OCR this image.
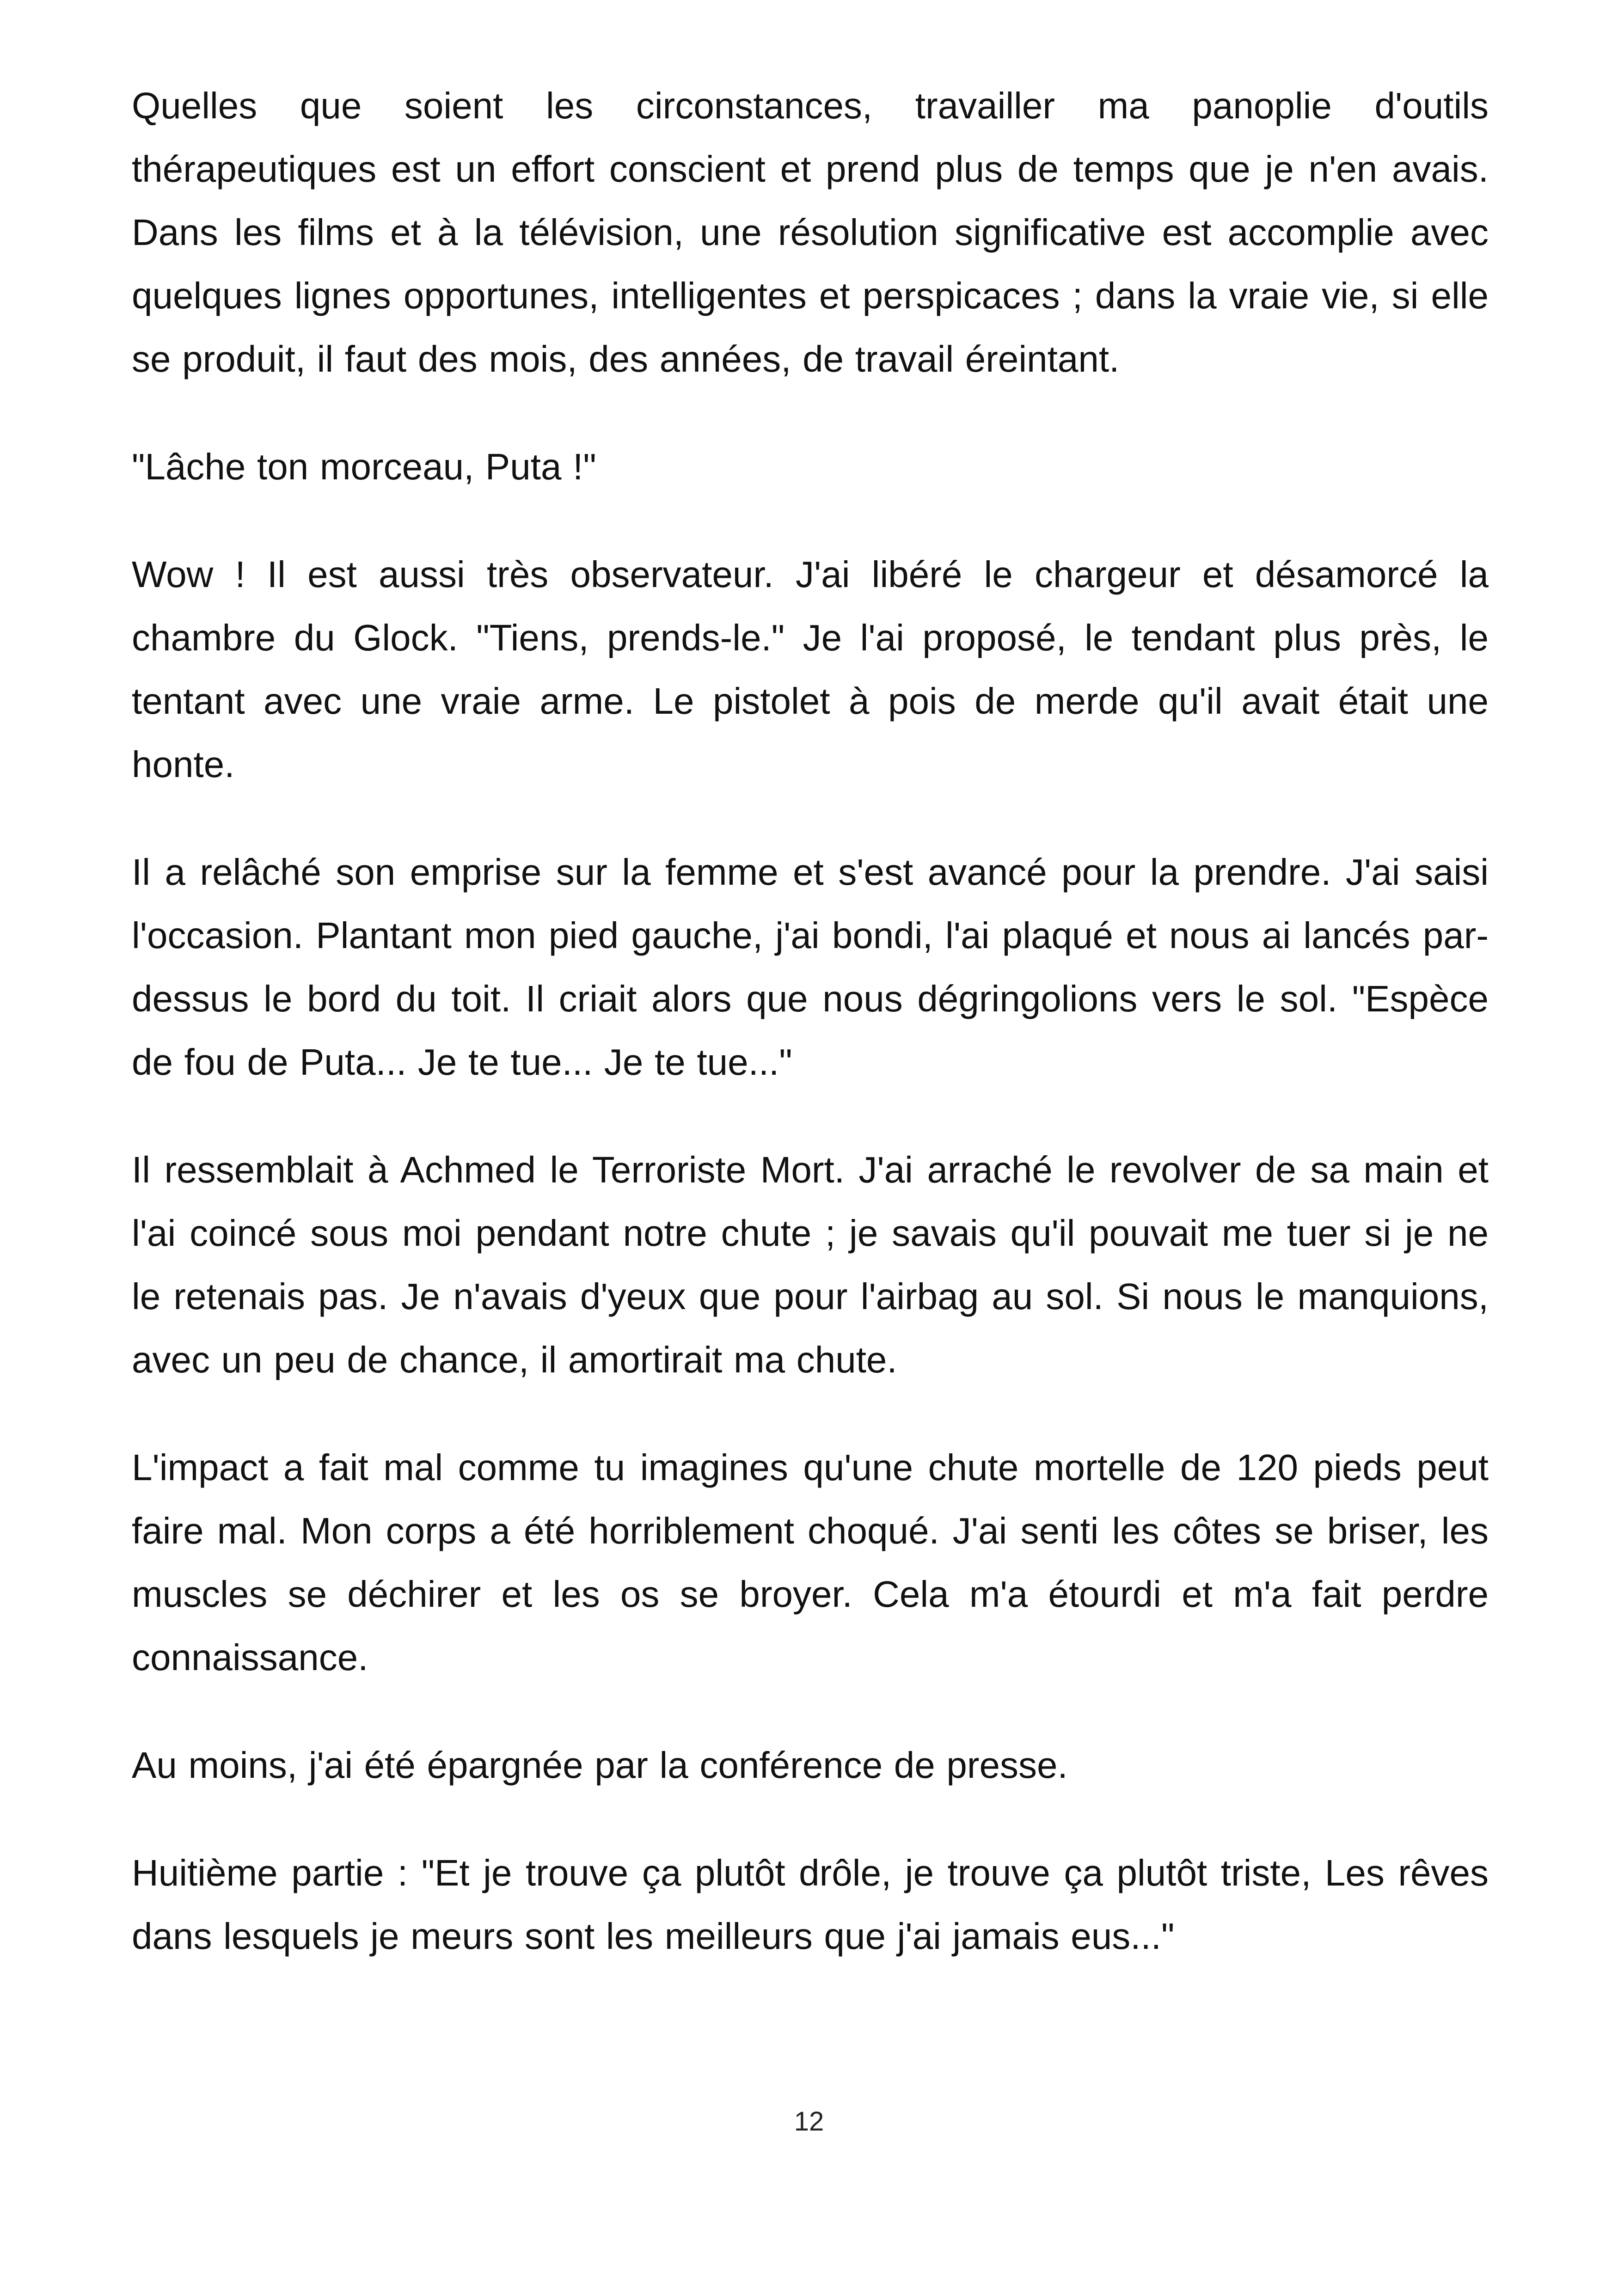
Quelles que soient les circonstances, travailler ma panoplie d'outils thérapeutiques est un effort conscient et prend plus de temps que je n'en avais. Dans les films et à la télévision, une résolution significative est accomplie avec quelques lignes opportunes, intelligentes et perspicaces ; dans la vraie vie, si elle se produit, il faut des mois, des années, de travail éreintant.

"Lâche ton morceau, Puta !"

Wow ! Il est aussi très observateur. J'ai libéré le chargeur et désamorcé la chambre du Glock. "Tiens, prends-le." Je l'ai proposé, le tendant plus près, le tentant avec une vraie arme. Le pistolet à pois de merde qu'il avait était une honte.

Il a relâché son emprise sur la femme et s'est avancé pour la prendre. J'ai saisi l'occasion. Plantant mon pied gauche, j'ai bondi, l'ai plaqué et nous ai lancés par-dessus le bord du toit. Il criait alors que nous dégringolions vers le sol. "Espèce de fou de Puta... Je te tue... Je te tue..."

Il ressemblait à Achmed le Terroriste Mort. J'ai arraché le revolver de sa main et l'ai coincé sous moi pendant notre chute ; je savais qu'il pouvait me tuer si je ne le retenais pas. Je n'avais d'yeux que pour l'airbag au sol. Si nous le manquions, avec un peu de chance, il amortirait ma chute.

L'impact a fait mal comme tu imagines qu'une chute mortelle de 120 pieds peut faire mal. Mon corps a été horriblement choqué. J'ai senti les côtes se briser, les muscles se déchirer et les os se broyer. Cela m'a étourdi et m'a fait perdre connaissance.

Au moins, j'ai été épargnée par la conférence de presse.

Huitième partie : "Et je trouve ça plutôt drôle, je trouve ça plutôt triste, Les rêves dans lesquels je meurs sont les meilleurs que j'ai jamais eus..."

12
